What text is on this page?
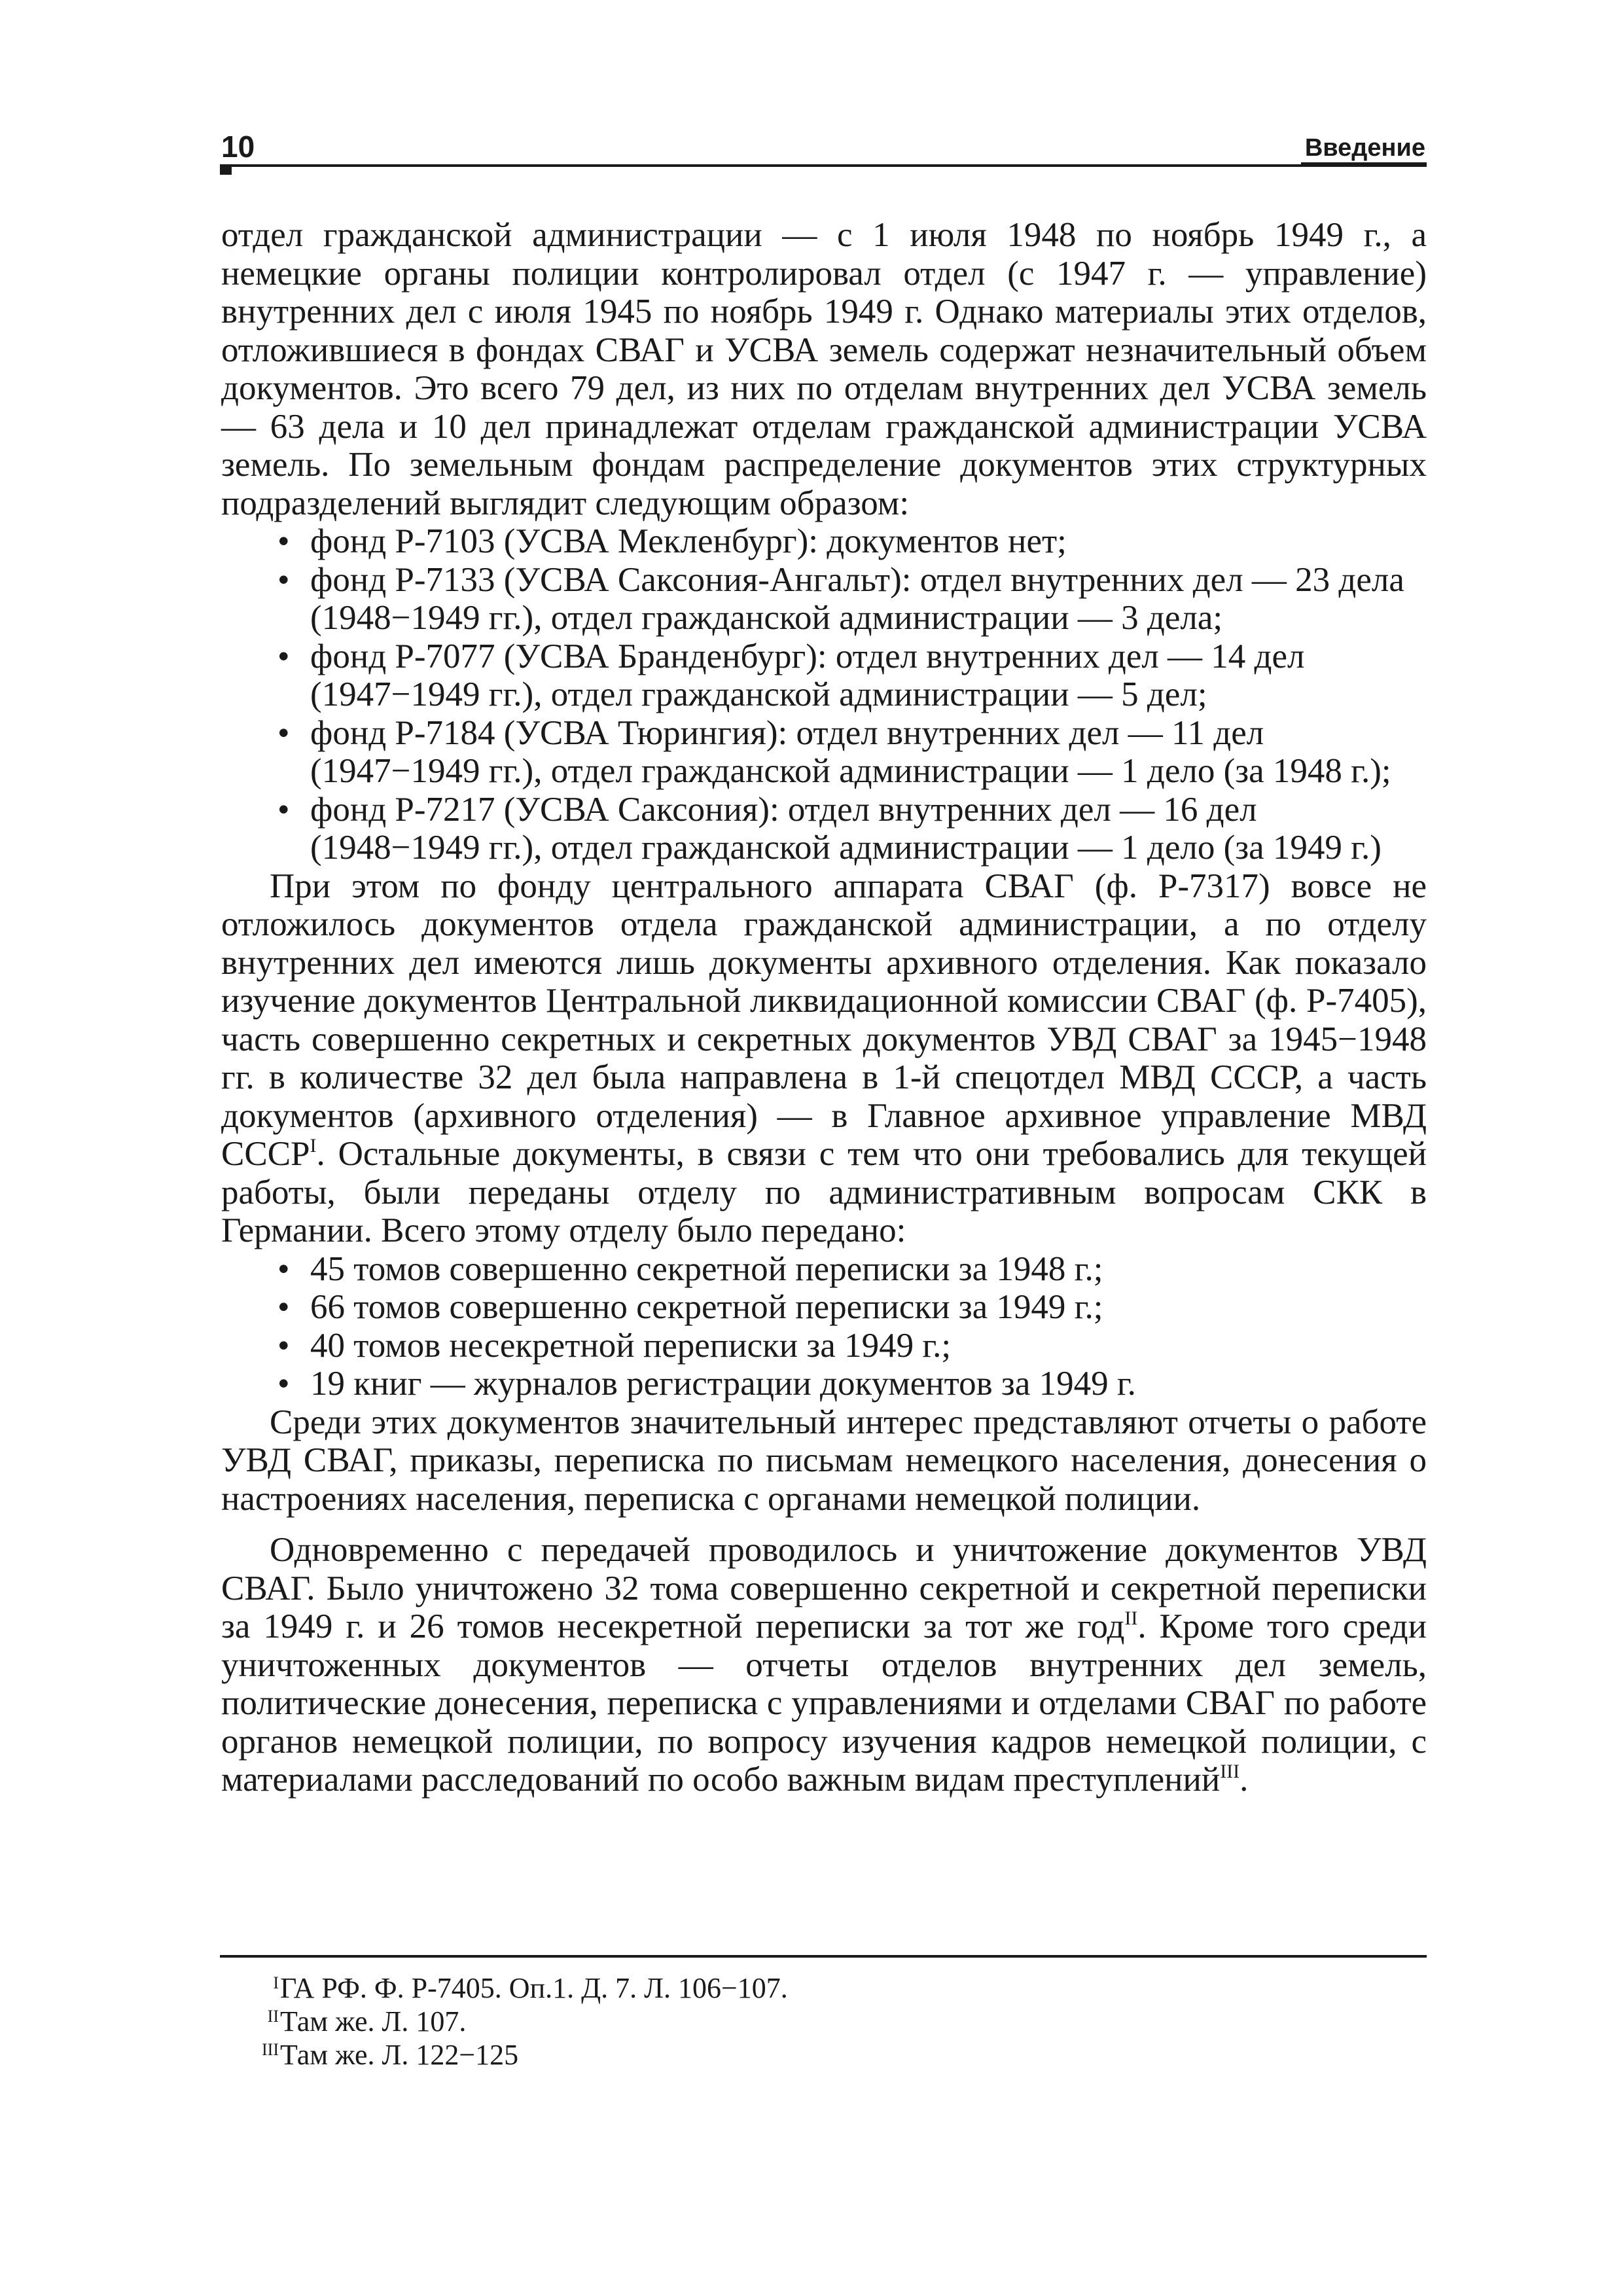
10	Введение

отдел гражданской администрации — с 1 июля 1948 по ноябрь 1949 г., а немецкие органы полиции контролировал отдел (с 1947 г. — управление) внутренних дел с июля 1945 по ноябрь 1949 г. Однако материалы этих отделов, отложившиеся в фондах СВАГ и УСВА земель содержат незначительный объем документов. Это всего 79 дел, из них по отделам внутренних дел УСВА земель — 63 дела и 10 дел принадлежат отделам гражданской администрации УСВА земель. По земельным фондам распределение документов этих структурных подразделений выглядит следующим образом:

• фонд Р-7103 (УСВА Мекленбург): документов нет;
• фонд Р-7133 (УСВА Саксония-Ангальт): отдел внутренних дел — 23 дела (1948−1949 гг.), отдел гражданской администрации — 3 дела;
• фонд Р-7077 (УСВА Бранденбург): отдел внутренних дел — 14 дел (1947−1949 гг.), отдел гражданской администрации — 5 дел;
• фонд Р-7184 (УСВА Тюрингия): отдел внутренних дел — 11 дел (1947−1949 гг.), отдел гражданской администрации — 1 дело (за 1948 г.);
• фонд Р-7217 (УСВА Саксония): отдел внутренних дел — 16 дел (1948−1949 гг.), отдел гражданской администрации — 1 дело (за 1949 г.)

При этом по фонду центрального аппарата СВАГ (ф. Р-7317) вовсе не отложилось документов отдела гражданской администрации, а по отделу внутренних дел имеются лишь документы архивного отделения. Как показало изучение документов Центральной ликвидационной комиссии СВАГ (ф. Р-7405), часть совершенно секретных и секретных документов УВД СВАГ за 1945−1948 гг. в количестве 32 дел была направлена в 1-й спецотдел МВД СССР, а часть документов (архивного отделения) — в Главное архивное управление МВД $СССР^I$. Остальные документы, в связи с тем что они требовались для текущей работы, были переданы отделу по административным вопросам СКК в Германии. Всего этому отделу было передано:

• 45 томов совершенно секретной переписки за 1948 г.;
• 66 томов совершенно секретной переписки за 1949 г.;
• 40 томов несекретной переписки за 1949 г.;
• 19 книг — журналов регистрации документов за 1949 г.

Среди этих документов значительный интерес представляют отчеты о работе УВД СВАГ, приказы, переписка по письмам немецкого населения, донесения о настроениях населения, переписка с органами немецкой полиции.

Одновременно с передачей проводилось и уничтожение документов УВД СВАГ. Было уничтожено 32 тома совершенно секретной и секретной переписки за 1949 г. и 26 томов несекретной переписки за тот же год$^{II}$. Кроме того среди уничтоженных документов — отчеты отделов внутренних дел земель, политические донесения, переписка с управлениями и отделами СВАГ по работе органов немецкой полиции, по вопросу изучения кадров немецкой полиции, с материалами расследований по особо важным видам преступлений$^{III}$.

I ГА РФ. Ф. Р-7405. Оп.1. Д. 7. Л. 106−107.
II Там же. Л. 107.
III Там же. Л. 122−125
